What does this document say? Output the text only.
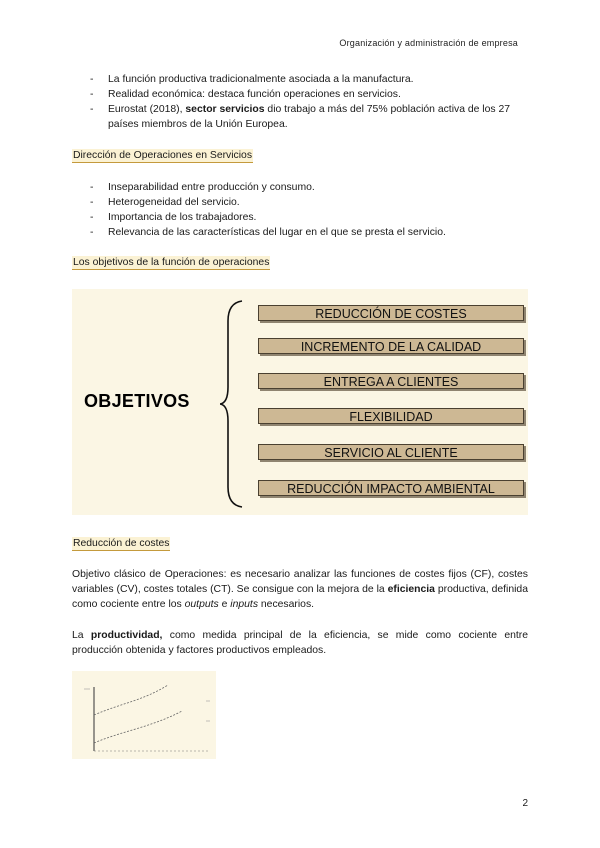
Organización y administración de empresa
- La función productiva tradicionalmente asociada a la manufactura.
- Realidad económica: destaca función operaciones en servicios.
- Eurostat (2018), sector servicios dio trabajo a más del 75% población activa de los 27 países miembros de la Unión Europea.
Dirección de Operaciones en Servicios
- Inseparabilidad entre producción y consumo.
- Heterogeneidad del servicio.
- Importancia de los trabajadores.
- Relevancia de las características del lugar en el que se presta el servicio.
Los objetivos de la función de operaciones
OBJETIVOS
REDUCCIÓN DE COSTES
INCREMENTO DE LA CALIDAD
ENTREGA A CLIENTES
FLEXIBILIDAD
SERVICIO AL CLIENTE
REDUCCIÓN IMPACTO AMBIENTAL
Reducción de costes
Objetivo clásico de Operaciones: es necesario analizar las funciones de costes fijos (CF), costes variables (CV), costes totales (CT). Se consigue con la mejora de la eficiencia productiva, definida como cociente entre los outputs e inputs necesarios.
La productividad, como medida principal de la eficiencia, se mide como cociente entre producción obtenida y factores productivos empleados.
2
